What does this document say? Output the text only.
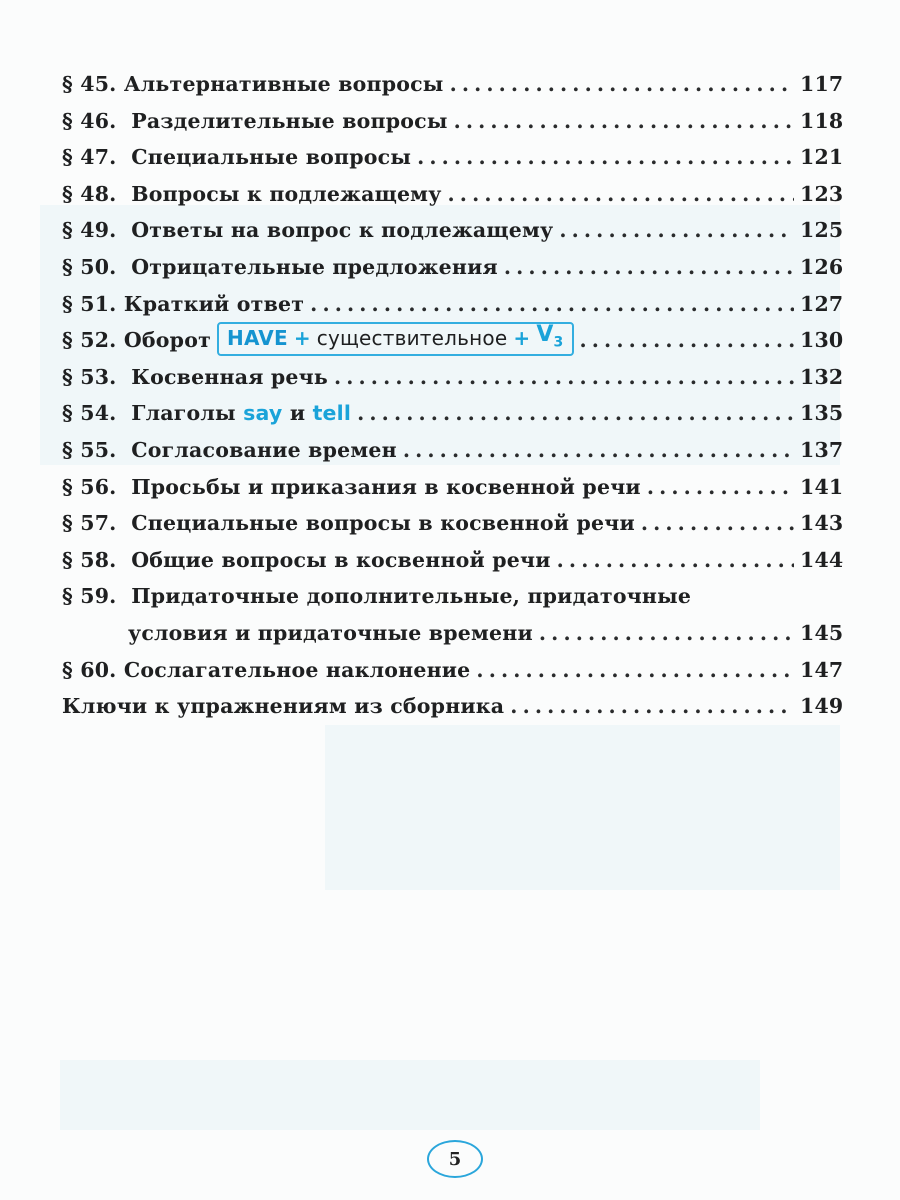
§ 45.
Альтернативные вопросы . . .	117
§ 46.
Разделительные вопросы . . .	118
§ 47.
Специальные вопросы . . .	121
§ 48.
Вопросы к подлежащему . . .	123
§ 49.
Ответы на вопрос к подлежащему . . .	125
§ 50.
Отрицательные предложения . . .	126
§ 51.
Краткий ответ . . .	127
§ 52.
Оборот HAVE + существительное + $V_3$ . . .	130
§ 53.
Косвенная речь . . .	132
§ 54.
Глаголы
say
и
tell . . .	135
§ 55.
Согласование времен . . .	137
§ 56.
Просьбы и приказания в косвенной речи . . .	141
§ 57.
Специальные вопросы в косвенной речи . . .	143
§ 58.
Общие вопросы в косвенной речи . . .	144
§ 59.
Придаточные дополнительные, придаточные
условия и придаточные времени . . .	145
§ 60.
Сослагательное наклонение . . .	147
Ключи к упражнениям из сборника . . .	149
5
